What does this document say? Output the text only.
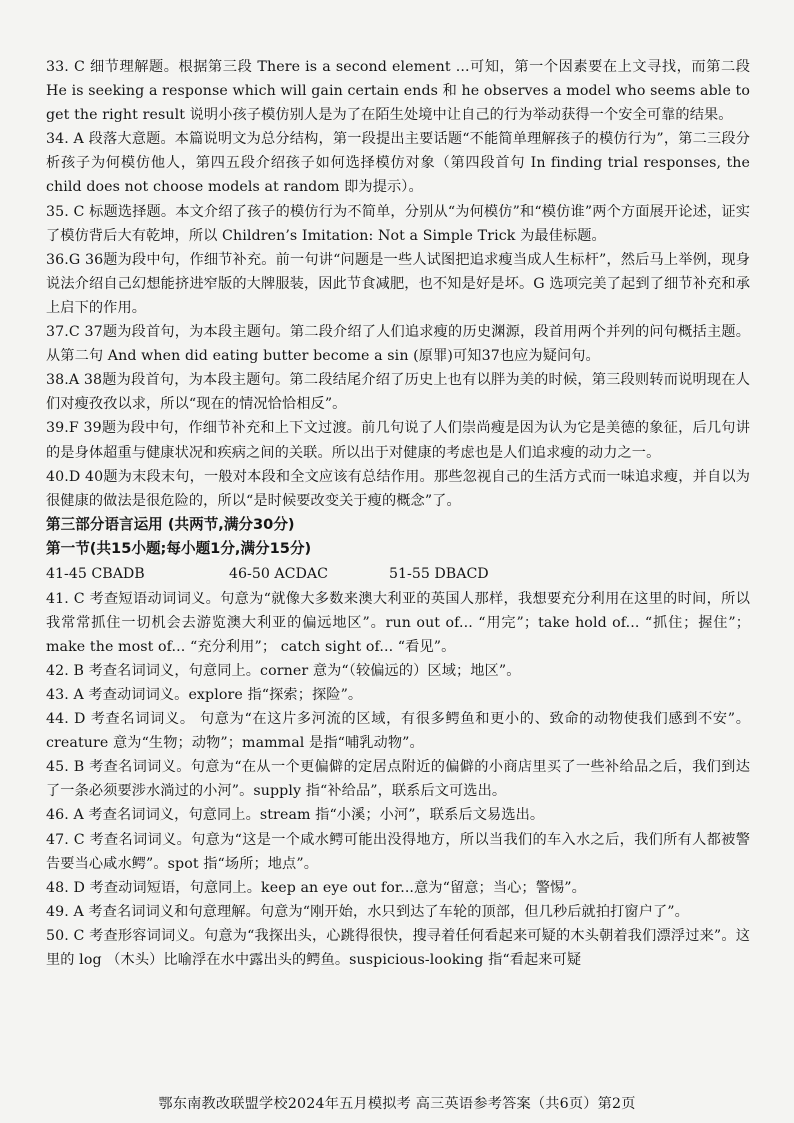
33. C 细节理解题。根据第三段 There is a second element ...可知，第一个因素要在上文寻找，而第二段 He is seeking a response which will gain certain ends 和 he observes a model who seems able to get the right result 说明小孩子模仿别人是为了在陌生处境中让自己的行为举动获得一个安全可靠的结果。

34. A 段落大意题。本篇说明文为总分结构，第一段提出主要话题“不能简单理解孩子的模仿行为”，第二三段分析孩子为何模仿他人，第四五段介绍孩子如何选择模仿对象（第四段首句 In finding trial responses, the child does not choose models at random 即为提示）。

35. C 标题选择题。本文介绍了孩子的模仿行为不简单，分别从“为何模仿”和“模仿谁”两个方面展开论述，证实了模仿背后大有乾坤，所以 Children’s Imitation: Not a Simple Trick 为最佳标题。

36.G 36题为段中句，作细节补充。前一句讲“问题是一些人试图把追求瘦当成人生标杆”，然后马上举例，现身说法介绍自己幻想能挤进窄版的大牌服装，因此节食减肥，也不知是好是坏。G 选项完美了起到了细节补充和承上启下的作用。

37.C 37题为段首句，为本段主题句。第二段介绍了人们追求瘦的历史渊源，段首用两个并列的问句概括主题。从第二句 And when did eating butter become a sin (原罪)可知37也应为疑问句。

38.A 38题为段首句，为本段主题句。第二段结尾介绍了历史上也有以胖为美的时候，第三段则转而说明现在人们对瘦孜孜以求，所以“现在的情况恰恰相反”。

39.F 39题为段中句，作细节补充和上下文过渡。前几句说了人们崇尚瘦是因为认为它是美德的象征，后几句讲的是身体超重与健康状况和疾病之间的关联。所以出于对健康的考虑也是人们追求瘦的动力之一。

40.D 40题为末段末句，一般对本段和全文应该有总结作用。那些忽视自己的生活方式而一味追求瘦，并自以为很健康的做法是很危险的，所以“是时候要改变关于瘦的概念”了。

第三部分语言运用 (共两节,满分30分)

第一节(共15小题;每小题1分,满分15分)

41-45 CBADB	46-50 ACDAC	51-55 DBACD

41. C 考查短语动词词义。句意为“就像大多数来澳大利亚的英国人那样，我想要充分利用在这里的时间，所以我常常抓住一切机会去游览澳大利亚的偏远地区”。run out of... “用完”；take hold of... “抓住；握住”； make the most of... “充分利用”； catch sight of... “看见”。

42. B 考查名词词义，句意同上。corner 意为“（较偏远的）区域；地区”。

43. A 考查动词词义。explore 指“探索；探险”。

44. D 考查名词词义。 句意为“在这片多河流的区域，有很多鳄鱼和更小的、致命的动物使我们感到不安”。creature 意为“生物；动物”；mammal 是指“哺乳动物”。

45. B 考查名词词义。句意为“在从一个更偏僻的定居点附近的偏僻的小商店里买了一些补给品之后，我们到达了一条必须要涉水淌过的小河”。supply 指“补给品”，联系后文可选出。

46. A 考查名词词义，句意同上。stream 指“小溪；小河”，联系后文易选出。

47. C 考查名词词义。句意为“这是一个咸水鳄可能出没得地方，所以当我们的车入水之后，我们所有人都被警告要当心咸水鳄”。spot 指“场所；地点”。

48. D 考查动词短语，句意同上。keep an eye out for...意为“留意；当心；警惕”。

49. A 考查名词词义和句意理解。句意为“刚开始，水只到达了车轮的顶部，但几秒后就拍打窗户了”。

50. C 考查形容词词义。句意为“我探出头，心跳得很快，搜寻着任何看起来可疑的木头朝着我们漂浮过来”。这里的 log （木头）比喻浮在水中露出头的鳄鱼。suspicious-looking 指“看起来可疑

鄂东南教改联盟学校2024年五月模拟考 高三英语参考答案（共6页）第2页
